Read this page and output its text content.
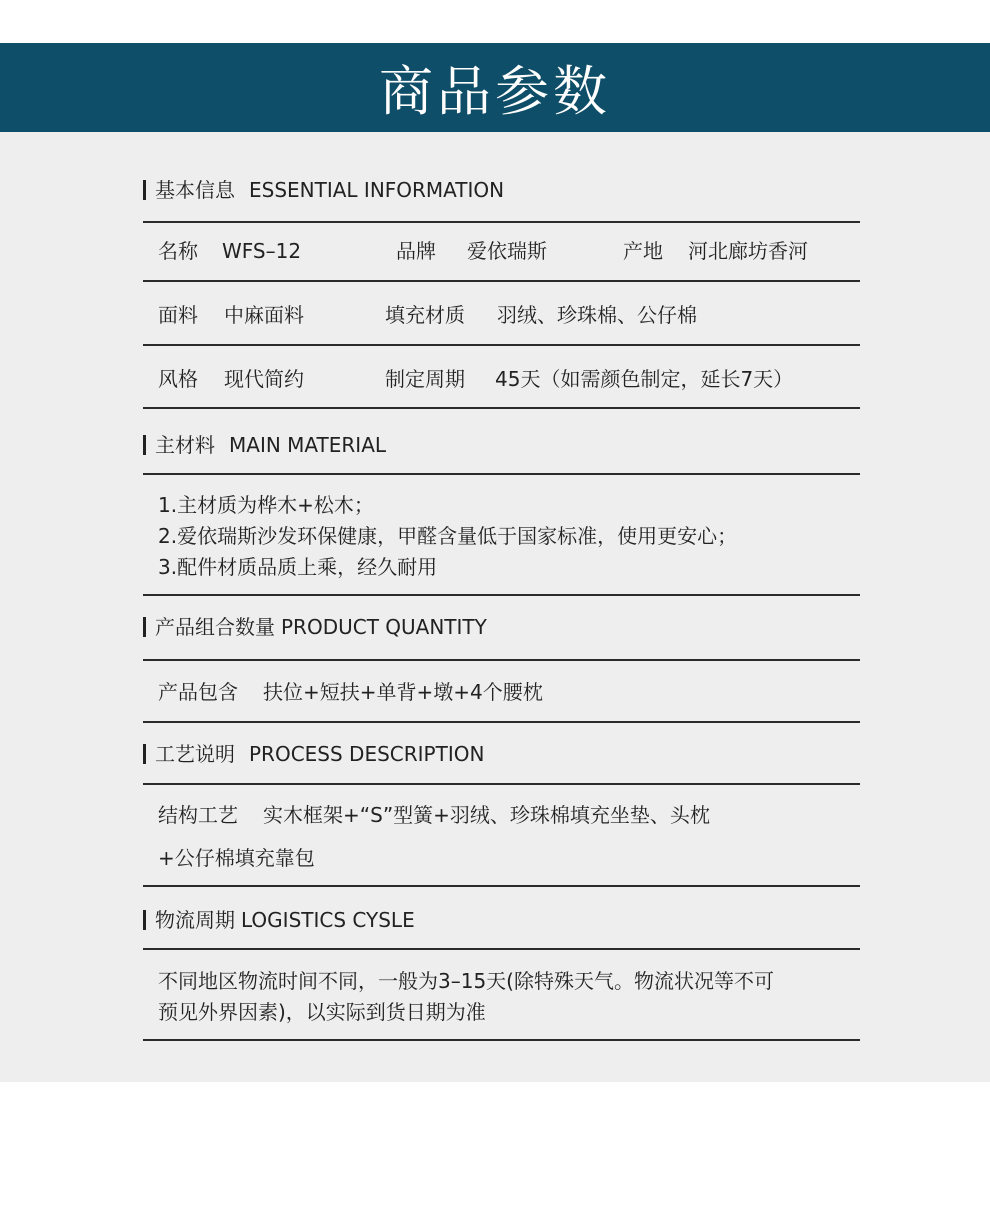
商品参数
基本信息 ESSENTIAL INFORMATION
名称 WFS–12	品牌 爱依瑞斯	产地 河北廊坊香河
面料 中麻面料	填充材质 羽绒、珍珠棉、公仔棉
风格 现代简约	制定周期 45天（如需颜色制定，延长7天）
主材料 MAIN MATERIAL
1.主材质为桦木+松木；
2.爱依瑞斯沙发环保健康，甲醛含量低于国家标准，使用更安心；
3.配件材质品质上乘，经久耐用
产品组合数量 PRODUCT QUANTITY
产品包含 扶位+短扶+单背+墩+4个腰枕
工艺说明 PROCESS DESCRIPTION
结构工艺 实木框架+“S”型簧+羽绒、珍珠棉填充坐垫、头枕
+公仔棉填充靠包
物流周期 LOGISTICS CYSLE
不同地区物流时间不同，一般为3–15天(除特殊天气。物流状况等不可
预见外界因素)，以实际到货日期为准
